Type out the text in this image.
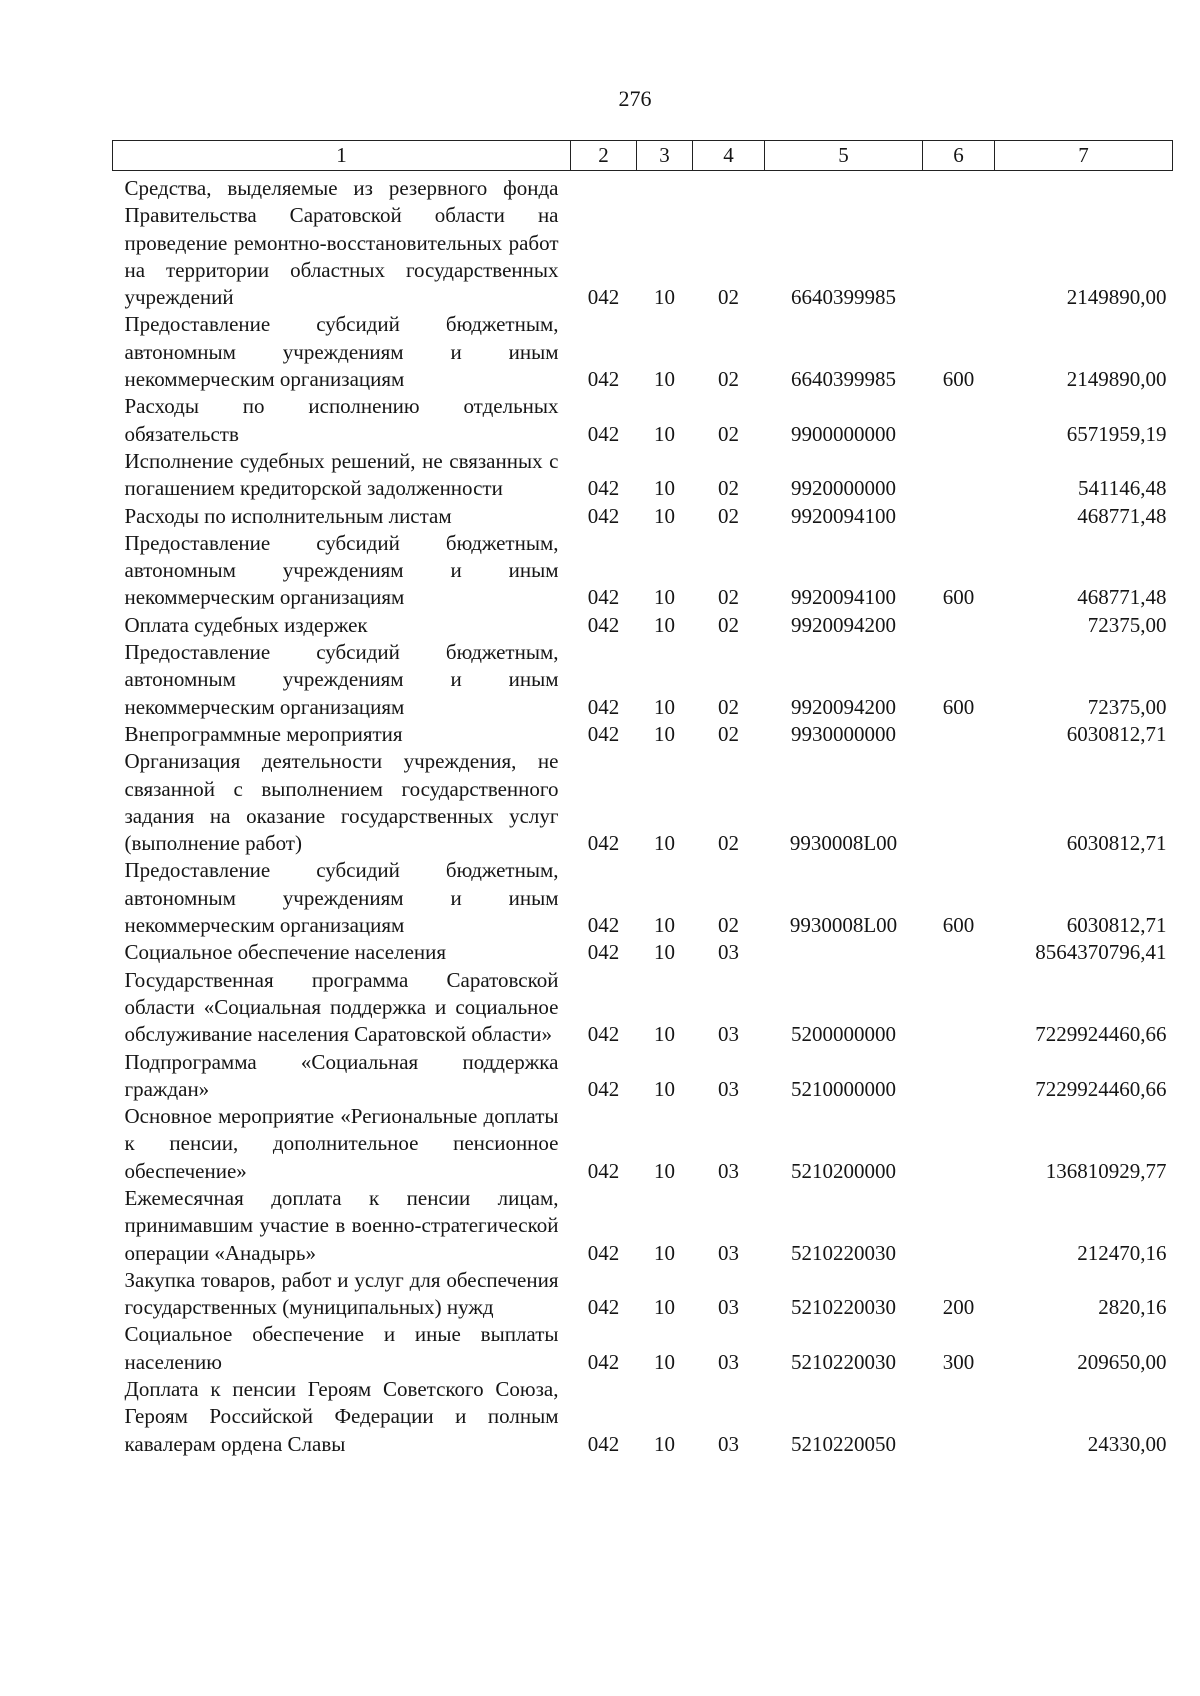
276
1	2	3	4	5	6	7
Средства, выделяемые из резервного фонда Правительства Саратовской области на проведение ремонтно-восстановительных работ на территории областных государственных учреждений	042	10	02	6640399985		2149890,00
Предоставление субсидий бюджетным, автономным учреждениям и иным некоммерческим организациям	042	10	02	6640399985	600	2149890,00
Расходы по исполнению отдельных обязательств	042	10	02	9900000000		6571959,19
Исполнение судебных решений, не связанных с погашением кредиторской задолженности	042	10	02	9920000000		541146,48
Расходы по исполнительным листам	042	10	02	9920094100		468771,48
Предоставление субсидий бюджетным, автономным учреждениям и иным некоммерческим организациям	042	10	02	9920094100	600	468771,48
Оплата судебных издержек	042	10	02	9920094200		72375,00
Предоставление субсидий бюджетным, автономным учреждениям и иным некоммерческим организациям	042	10	02	9920094200	600	72375,00
Внепрограммные мероприятия	042	10	02	9930000000		6030812,71
Организация деятельности учреждения, не связанной с выполнением государственного задания на оказание государственных услуг (выполнение работ)	042	10	02	9930008L00		6030812,71
Предоставление субсидий бюджетным, автономным учреждениям и иным некоммерческим организациям	042	10	02	9930008L00	600	6030812,71
Социальное обеспечение населения	042	10	03			8564370796,41
Государственная программа Саратовской области «Социальная поддержка и социальное обслуживание населения Саратовской области»	042	10	03	5200000000		7229924460,66
Подпрограмма «Социальная поддержка граждан»	042	10	03	5210000000		7229924460,66
Основное мероприятие «Региональные доплаты к пенсии, дополнительное пенсионное обеспечение»	042	10	03	5210200000		136810929,77
Ежемесячная доплата к пенсии лицам, принимавшим участие в военно-стратегической операции «Анадырь»	042	10	03	5210220030		212470,16
Закупка товаров, работ и услуг для обеспечения государственных (муниципальных) нужд	042	10	03	5210220030	200	2820,16
Социальное обеспечение и иные выплаты населению	042	10	03	5210220030	300	209650,00
Доплата к пенсии Героям Советского Союза, Героям Российской Федерации и полным кавалерам ордена Славы	042	10	03	5210220050		24330,00
